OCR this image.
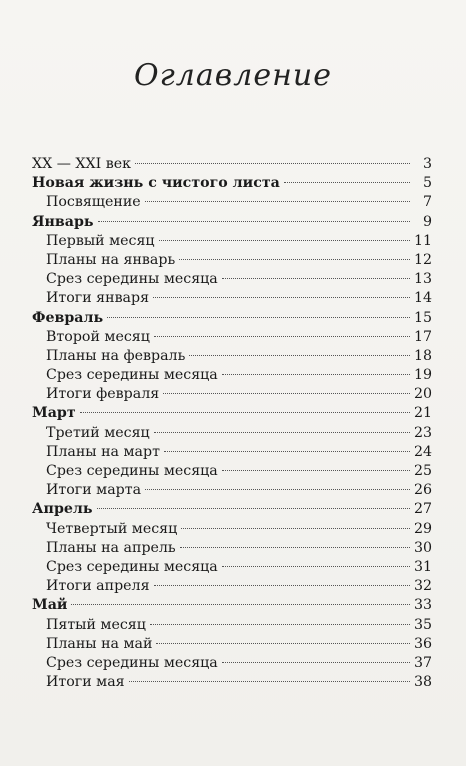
Оглавление
XX — XXI век	3
Новая жизнь с чистого листа	5
Посвящение	7
Январь	9
Первый месяц	11
Планы на январь	12
Срез середины месяца	13
Итоги января	14
Февраль	15
Второй месяц	17
Планы на февраль	18
Срез середины месяца	19
Итоги февраля	20
Март	21
Третий месяц	23
Планы на март	24
Срез середины месяца	25
Итоги марта	26
Апрель	27
Четвертый месяц	29
Планы на апрель	30
Срез середины месяца	31
Итоги апреля	32
Май	33
Пятый месяц	35
Планы на май	36
Срез середины месяца	37
Итоги мая	38
